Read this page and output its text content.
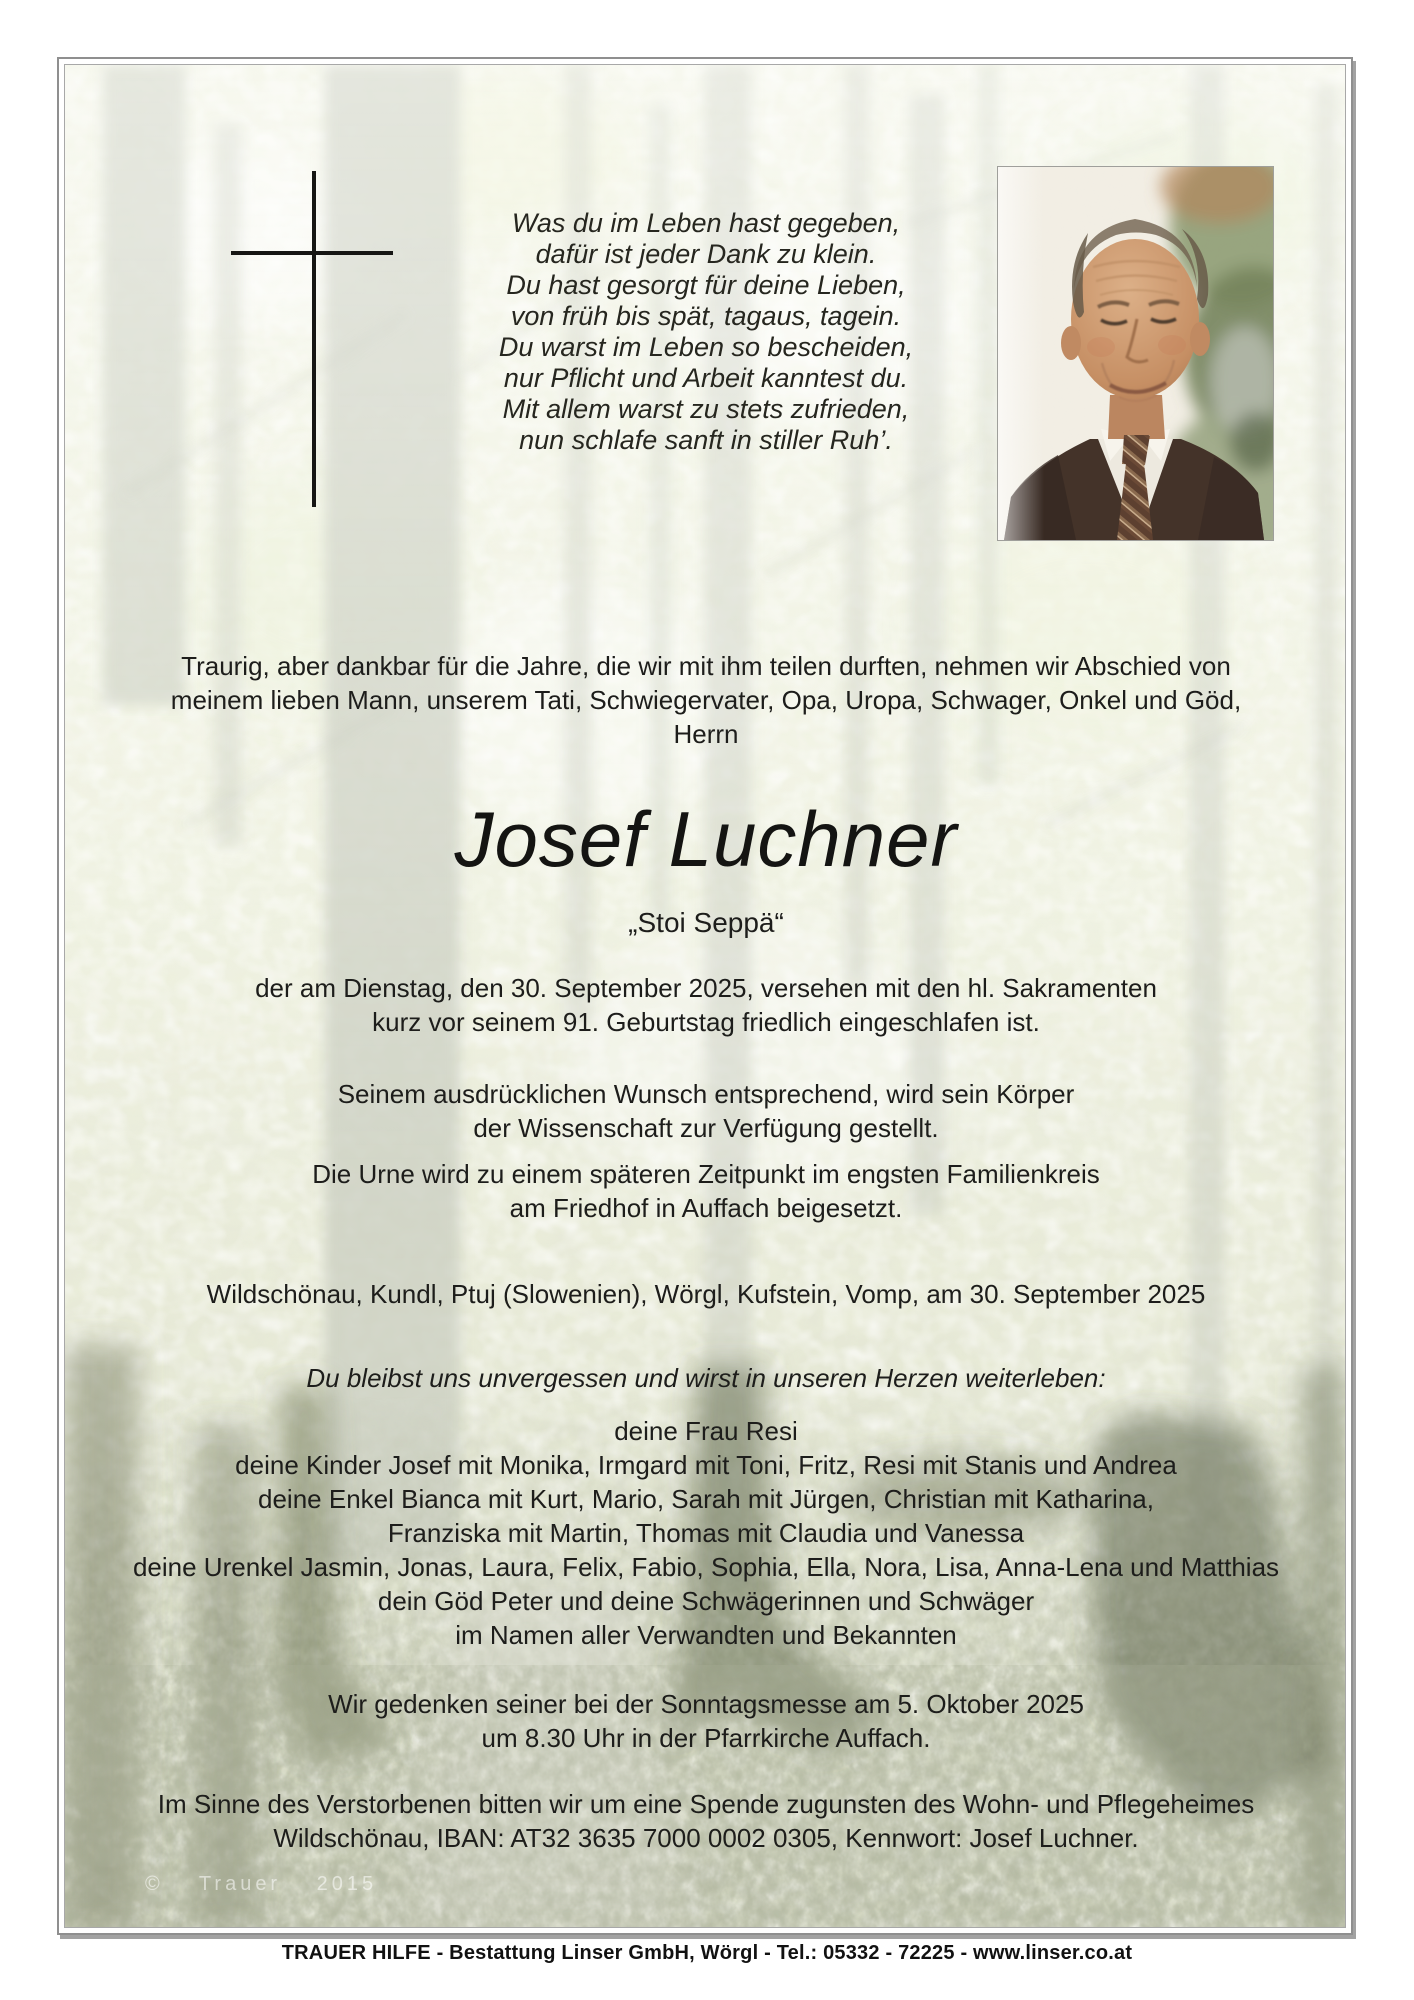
Was du im Leben hast gegeben,
dafür ist jeder Dank zu klein.
Du hast gesorgt für deine Lieben,
von früh bis spät, tagaus, tagein.
Du warst im Leben so bescheiden,
nur Pflicht und Arbeit kanntest du.
Mit allem warst zu stets zufrieden,
nun schlafe sanft in stiller Ruh’.
Traurig, aber dankbar für die Jahre, die wir mit ihm teilen durften, nehmen wir Abschied von
meinem lieben Mann, unserem Tati, Schwiegervater, Opa, Uropa, Schwager, Onkel und Göd,
Herrn
Josef Luchner
„Stoi Seppä“
der am Dienstag, den 30. September 2025, versehen mit den hl. Sakramenten
kurz vor seinem 91. Geburtstag friedlich eingeschlafen ist.
Seinem ausdrücklichen Wunsch entsprechend, wird sein Körper
der Wissenschaft zur Verfügung gestellt.
Die Urne wird zu einem späteren Zeitpunkt im engsten Familienkreis
am Friedhof in Auffach beigesetzt.
Wildschönau, Kundl, Ptuj (Slowenien), Wörgl, Kufstein, Vomp, am 30. September 2025
Du bleibst uns unvergessen und wirst in unseren Herzen weiterleben:
deine Frau Resi
deine Kinder Josef mit Monika, Irmgard mit Toni, Fritz, Resi mit Stanis und Andrea
deine Enkel Bianca mit Kurt, Mario, Sarah mit Jürgen, Christian mit Katharina,
Franziska mit Martin, Thomas mit Claudia und Vanessa
deine Urenkel Jasmin, Jonas, Laura, Felix, Fabio, Sophia, Ella, Nora, Lisa, Anna-Lena und Matthias
dein Göd Peter und deine Schwägerinnen und Schwäger
im Namen aller Verwandten und Bekannten
Wir gedenken seiner bei der Sonntagsmesse am 5. Oktober 2025
um 8.30 Uhr in der Pfarrkirche Auffach.
Im Sinne des Verstorbenen bitten wir um eine Spende zugunsten des Wohn- und Pflegeheimes
Wildschönau, IBAN: AT32 3635 7000 0002 0305, Kennwort: Josef Luchner.
© Trauer 2015
TRAUER HILFE - Bestattung Linser GmbH, Wörgl - Tel.: 05332 - 72225 - www.linser.co.at
